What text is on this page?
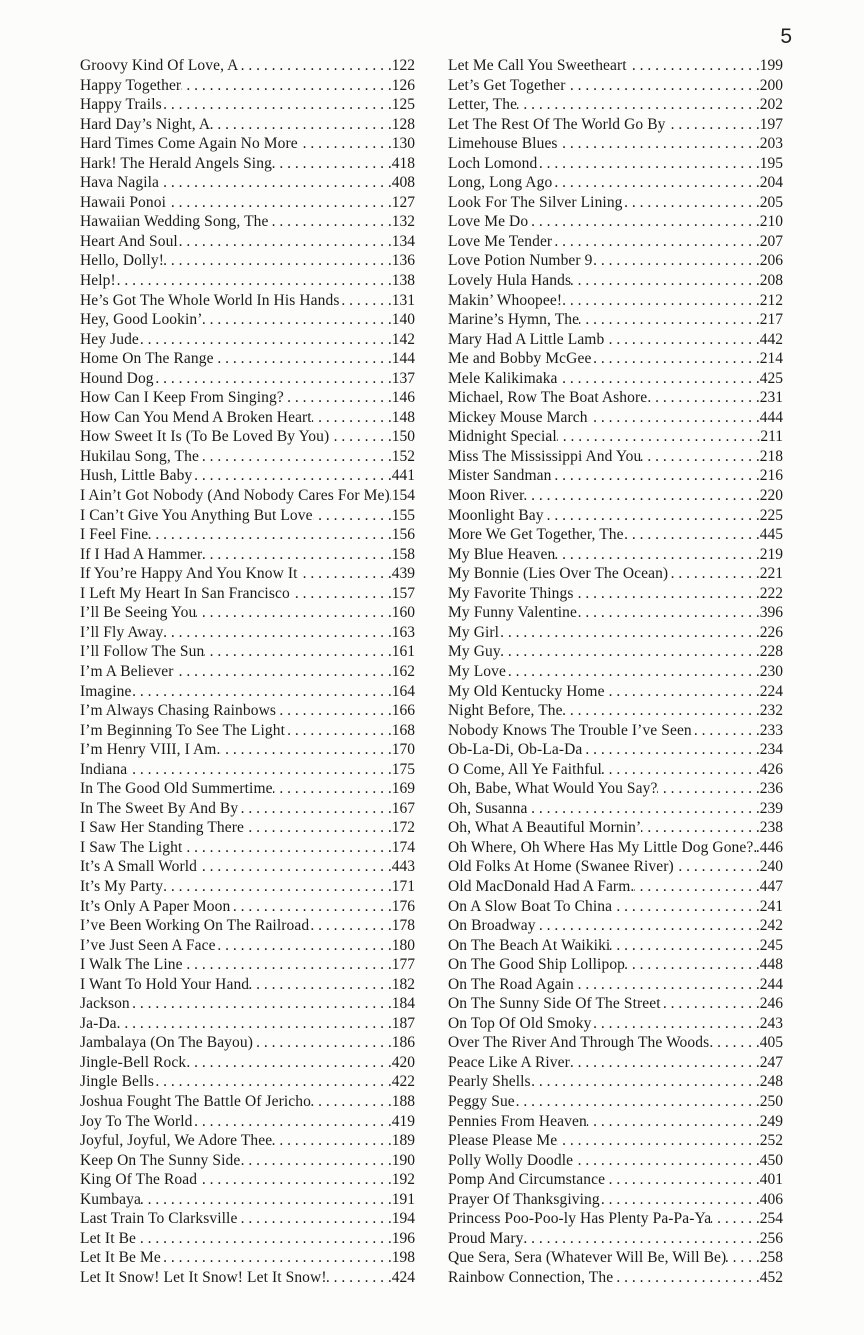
5
Groovy Kind Of Love, A . . .	122
Happy Together . . .	126
Happy Trails . . .	125
Hard Day’s Night, A . . .	128
Hard Times Come Again No More . . .	130
Hark! The Herald Angels Sing . . .	418
Hava Nagila . . .	408
Hawaii Ponoi . . .	127
Hawaiian Wedding Song, The . . .	132
Heart And Soul . . .	134
Hello, Dolly! . . .	136
Help! . . .	138
He’s Got The Whole World In His Hands . . .	131
Hey, Good Lookin’ . . .	140
Hey Jude . . .	142
Home On The Range . . .	144
Hound Dog . . .	137
How Can I Keep From Singing? . . .	146
How Can You Mend A Broken Heart . . .	148
How Sweet It Is (To Be Loved By You) . . .	150
Hukilau Song, The . . .	152
Hush, Little Baby . . .	441
I Ain’t Got Nobody (And Nobody Cares For Me) . . . 154
I Can’t Give You Anything But Love . . .	155
I Feel Fine . . .	156
If I Had A Hammer . . .	158
If You’re Happy And You Know It . . .	439
I Left My Heart In San Francisco . . .	157
I’ll Be Seeing You . . .	160
I’ll Fly Away . . .	163
I’ll Follow The Sun . . .	161
I’m A Believer . . .	162
Imagine . . .	164
I’m Always Chasing Rainbows . . .	166
I’m Beginning To See The Light . . .	168
I’m Henry VIII, I Am. . . .	170
Indiana . . .	175
In The Good Old Summertime . . .	169
In The Sweet By And By . . .	167
I Saw Her Standing There . . .	172
I Saw The Light . . .	174
It’s A Small World . . .	443
It’s My Party . . .	171
It’s Only A Paper Moon . . .	176
I’ve Been Working On The Railroad . . .	178
I’ve Just Seen A Face . . .	180
I Walk The Line . . .	177
I Want To Hold Your Hand . . .	182
Jackson . . .	184
Ja-Da . . .	187
Jambalaya (On The Bayou) . . .	186
Jingle-Bell Rock . . .	420
Jingle Bells . . .	422
Joshua Fought The Battle Of Jericho . . .	188
Joy To The World . . .	419
Joyful, Joyful, We Adore Thee . . .	189
Keep On The Sunny Side . . .	190
King Of The Road . . .	192
Kumbaya . . .	191
Last Train To Clarksville . . .	194
Let It Be . . .	196
Let It Be Me . . .	198
Let It Snow! Let It Snow! Let It Snow! . . .	424
Let Me Call You Sweetheart . . .	199
Let’s Get Together . . .	200
Letter, The . . .	202
Let The Rest Of The World Go By . . .	197
Limehouse Blues . . .	203
Loch Lomond . . .	195
Long, Long Ago . . .	204
Look For The Silver Lining . . .	205
Love Me Do . . .	210
Love Me Tender . . .	207
Love Potion Number 9 . . .	206
Lovely Hula Hands . . .	208
Makin’ Whoopee! . . .	212
Marine’s Hymn, The . . .	217
Mary Had A Little Lamb . . .	442
Me and Bobby McGee . . .	214
Mele Kalikimaka . . .	425
Michael, Row The Boat Ashore . . .	231
Mickey Mouse March . . .	444
Midnight Special . . .	211
Miss The Mississippi And You . . .	218
Mister Sandman . . .	216
Moon River . . .	220
Moonlight Bay . . .	225
More We Get Together, The . . .	445
My Blue Heaven . . .	219
My Bonnie (Lies Over The Ocean) . . .	221
My Favorite Things . . .	222
My Funny Valentine . . .	396
My Girl . . .	226
My Guy . . .	228
My Love . . .	230
My Old Kentucky Home . . .	224
Night Before, The . . .	232
Nobody Knows The Trouble I’ve Seen . . .	233
Ob-La-Di, Ob-La-Da . . .	234
O Come, All Ye Faithful . . .	426
Oh, Babe, What Would You Say? . . .	236
Oh, Susanna . . .	239
Oh, What A Beautiful Mornin’ . . .	238
Oh Where, Oh Where Has My Little Dog Gone?. . . . 446
Old Folks At Home (Swanee River) . . .	240
Old MacDonald Had A Farm. . . .	447
On A Slow Boat To China . . .	241
On Broadway . . .	242
On The Beach At Waikiki . . .	245
On The Good Ship Lollipop . . .	448
On The Road Again . . .	244
On The Sunny Side Of The Street . . .	246
On Top Of Old Smoky . . .	243
Over The River And Through The Woods . . .	405
Peace Like A River . . .	247
Pearly Shells . . .	248
Peggy Sue . . .	250
Pennies From Heaven . . .	249
Please Please Me . . .	252
Polly Wolly Doodle . . .	450
Pomp And Circumstance . . .	401
Prayer Of Thanksgiving . . .	406
Princess Poo-Poo-ly Has Plenty Pa-Pa-Ya . . .	254
Proud Mary . . .	256
Que Sera, Sera (Whatever Will Be, Will Be) . . . 258
Rainbow Connection, The . . .	452
